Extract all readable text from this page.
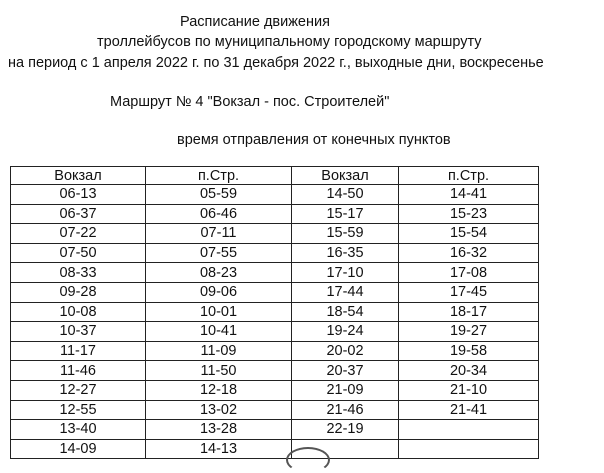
Расписание движения
троллейбусов по муниципальному городскому маршруту
на период с 1 апреля 2022 г. по 31 декабря 2022 г., выходные дни, воскресенье
Маршрут № 4 "Вокзал - пос. Строителей"
время отправления от конечных пунктов
Вокзал	п.Стр.	Вокзал	п.Стр.
06-13	05-59	14-50	14-41
06-37	06-46	15-17	15-23
07-22	07-11	15-59	15-54
07-50	07-55	16-35	16-32
08-33	08-23	17-10	17-08
09-28	09-06	17-44	17-45
10-08	10-01	18-54	18-17
10-37	10-41	19-24	19-27
11-17	11-09	20-02	19-58
11-46	11-50	20-37	20-34
12-27	12-18	21-09	21-10
12-55	13-02	21-46	21-41
13-40	13-28	22-19	
14-09	14-13		
